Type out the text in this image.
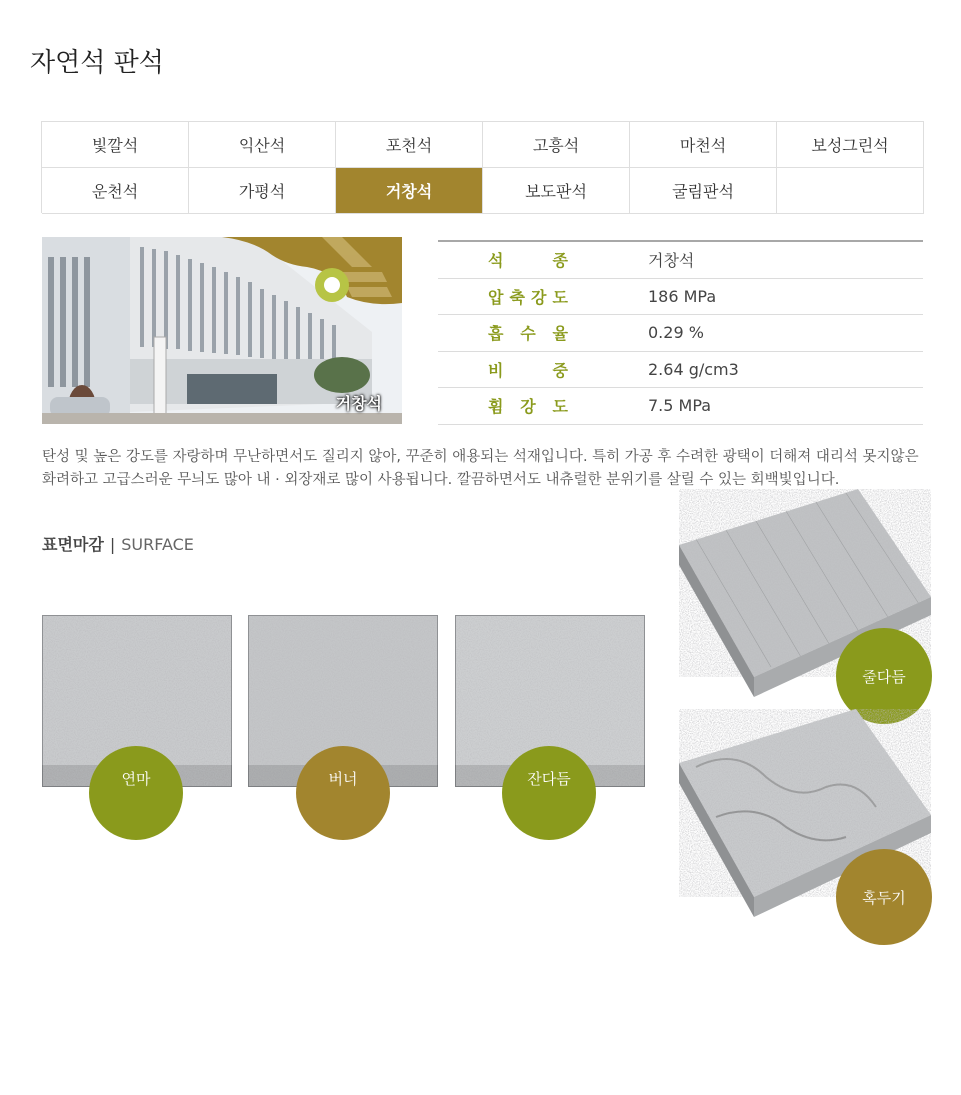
자연석 판석
빛깔석	익산석	포천석	고흥석	마천석	보성그린석
운천석	가평석	거창석	보도판석	굴림판석
거창석
석	종	거창석
압 축 강 도	186 MPa
흡 수 율	0.29 %
비	중	2.64 g/cm3
휨 강 도	7.5 MPa
탄성 및 높은 강도를 자랑하며 무난하면서도 질리지 않아, 꾸준히 애용되는 석재입니다. 특히 가공 후 수려한 광택이 더해져 대리석 못지않은
화려하고 고급스러운 무늬도 많아 내 · 외장재로 많이 사용됩니다. 깔끔하면서도 내츄럴한 분위기를 살릴 수 있는 회백빛입니다.
표면마감 | SURFACE
연마	버너	잔다듬
줄다듬
혹두기
